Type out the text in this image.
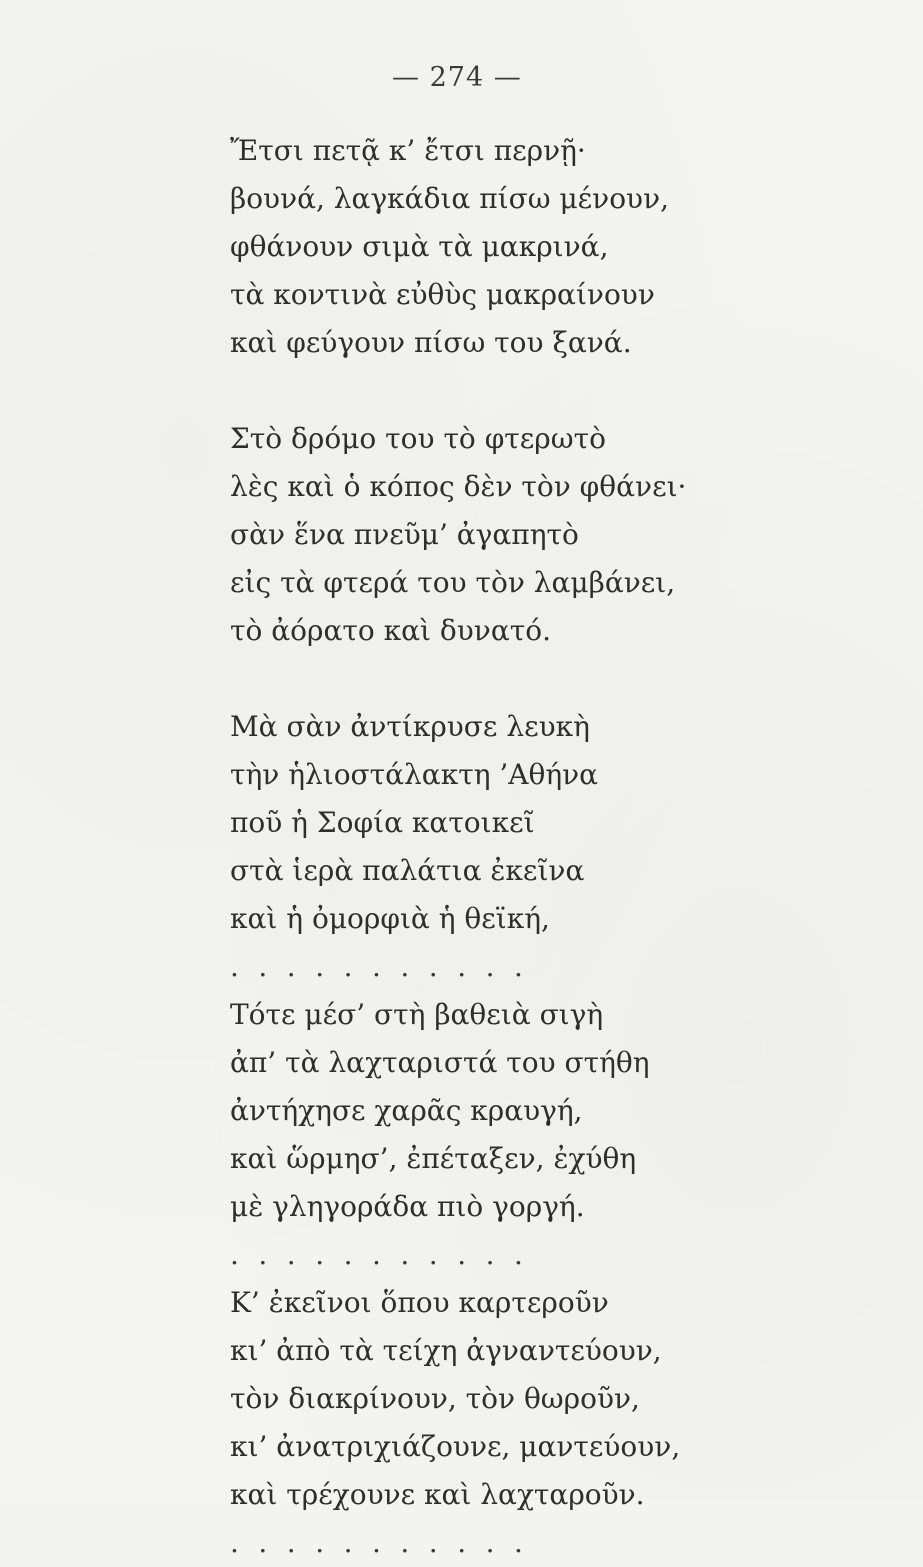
— 274 —
Ἔτσι πετᾷ κ’ ἔτσι περνῇ·
βουνά, λαγκάδια πίσω μένουν,
φθάνουν σιμὰ τὰ μακρινά,
τὰ κοντινὰ εὐθὺς μακραίνουν
καὶ φεύγουν πίσω του ξανά.
Στὸ δρόμο του τὸ φτερωτὸ
λὲς καὶ ὁ κόπος δὲν τὸν φθάνει·
σὰν ἕνα πνεῦμ’ ἀγαπητὸ
εἰς τὰ φτερά του τὸν λαμβάνει,
τὸ ἀόρατο καὶ δυνατό.
Μὰ σὰν ἀντίκρυσε λευκὴ
τὴν ἡλιοστάλακτη ’Αθήνα
ποῦ ἡ Σοφία κατοικεῖ
στὰ ἱερὰ παλάτια ἐκεῖνα
καὶ ἡ ὀμορφιὰ ἡ θεϊκή,
...........
Τότε μέσ’ στὴ βαθειὰ σιγὴ
ἀπ’ τὰ λαχταριστά του στήθη
ἀντήχησε χαρᾶς κραυγή,
καὶ ὥρμησ’, ἐπέταξεν, ἐχύθη
μὲ γληγοράδα πιὸ γοργή.
...........
Κ’ ἐκεῖνοι ὅπου καρτεροῦν
κι’ ἀπὸ τὰ τείχη ἀγναντεύουν,
τὸν διακρίνουν, τὸν θωροῦν,
κι’ ἀνατριχιάζουνε, μαντεύουν,
καὶ τρέχουνε καὶ λαχταροῦν.
...........
